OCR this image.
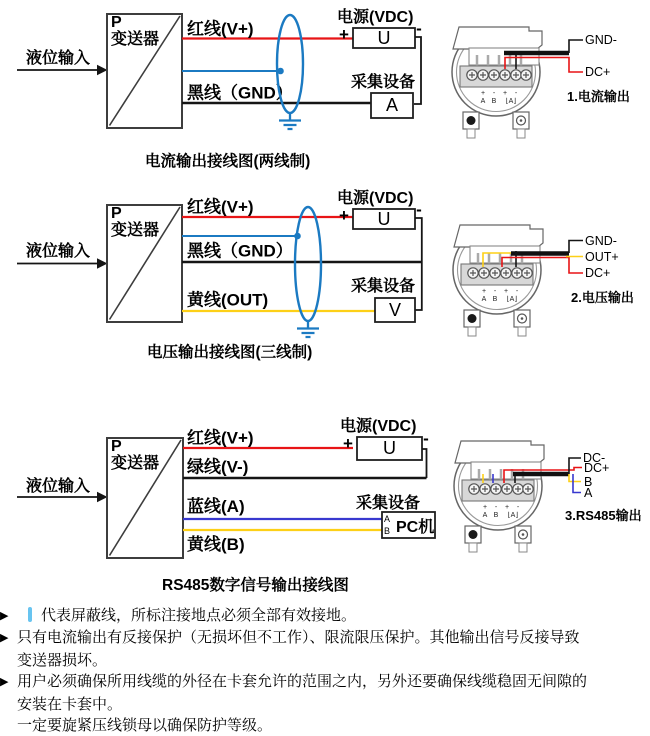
+	-
⌊A⌋
液位输入
P
变送器
红线(V+)
黑线（GND）
电源(VDC)
+ U -
采集设备
A
GND-
DC+
1.电流输出
电流输出接线图(两线制)
液位输入
P
变送器
红线(V+)
黑线（GND）
黄线(OUT)
电源(VDC)
+ U -
采集设备
V
GND-
OUT+
DC+
2.电压输出
电压输出接线图(三线制)
液位输入
P
变送器
红线(V+)
绿线(V-)
蓝线(A)
黄线(B)
电源(VDC)
+ U -
采集设备
PC机
A
B
DC-
DC+
B
A
3.RS485输出
RS485数字信号输出接线图
▶ 代表屏蔽线，所标注接地点必须全部有效接地。
▶ 只有电流输出有反接保护（无损坏但不工作）、限流限压保护。其他输出信号反接导致
变送器损坏。
▶ 用户必须确保所用线缆的外径在卡套允许的范围之内，另外还要确保线缆稳固无间隙的
安装在卡套中。
一定要旋紧压线锁母以确保防护等级。
